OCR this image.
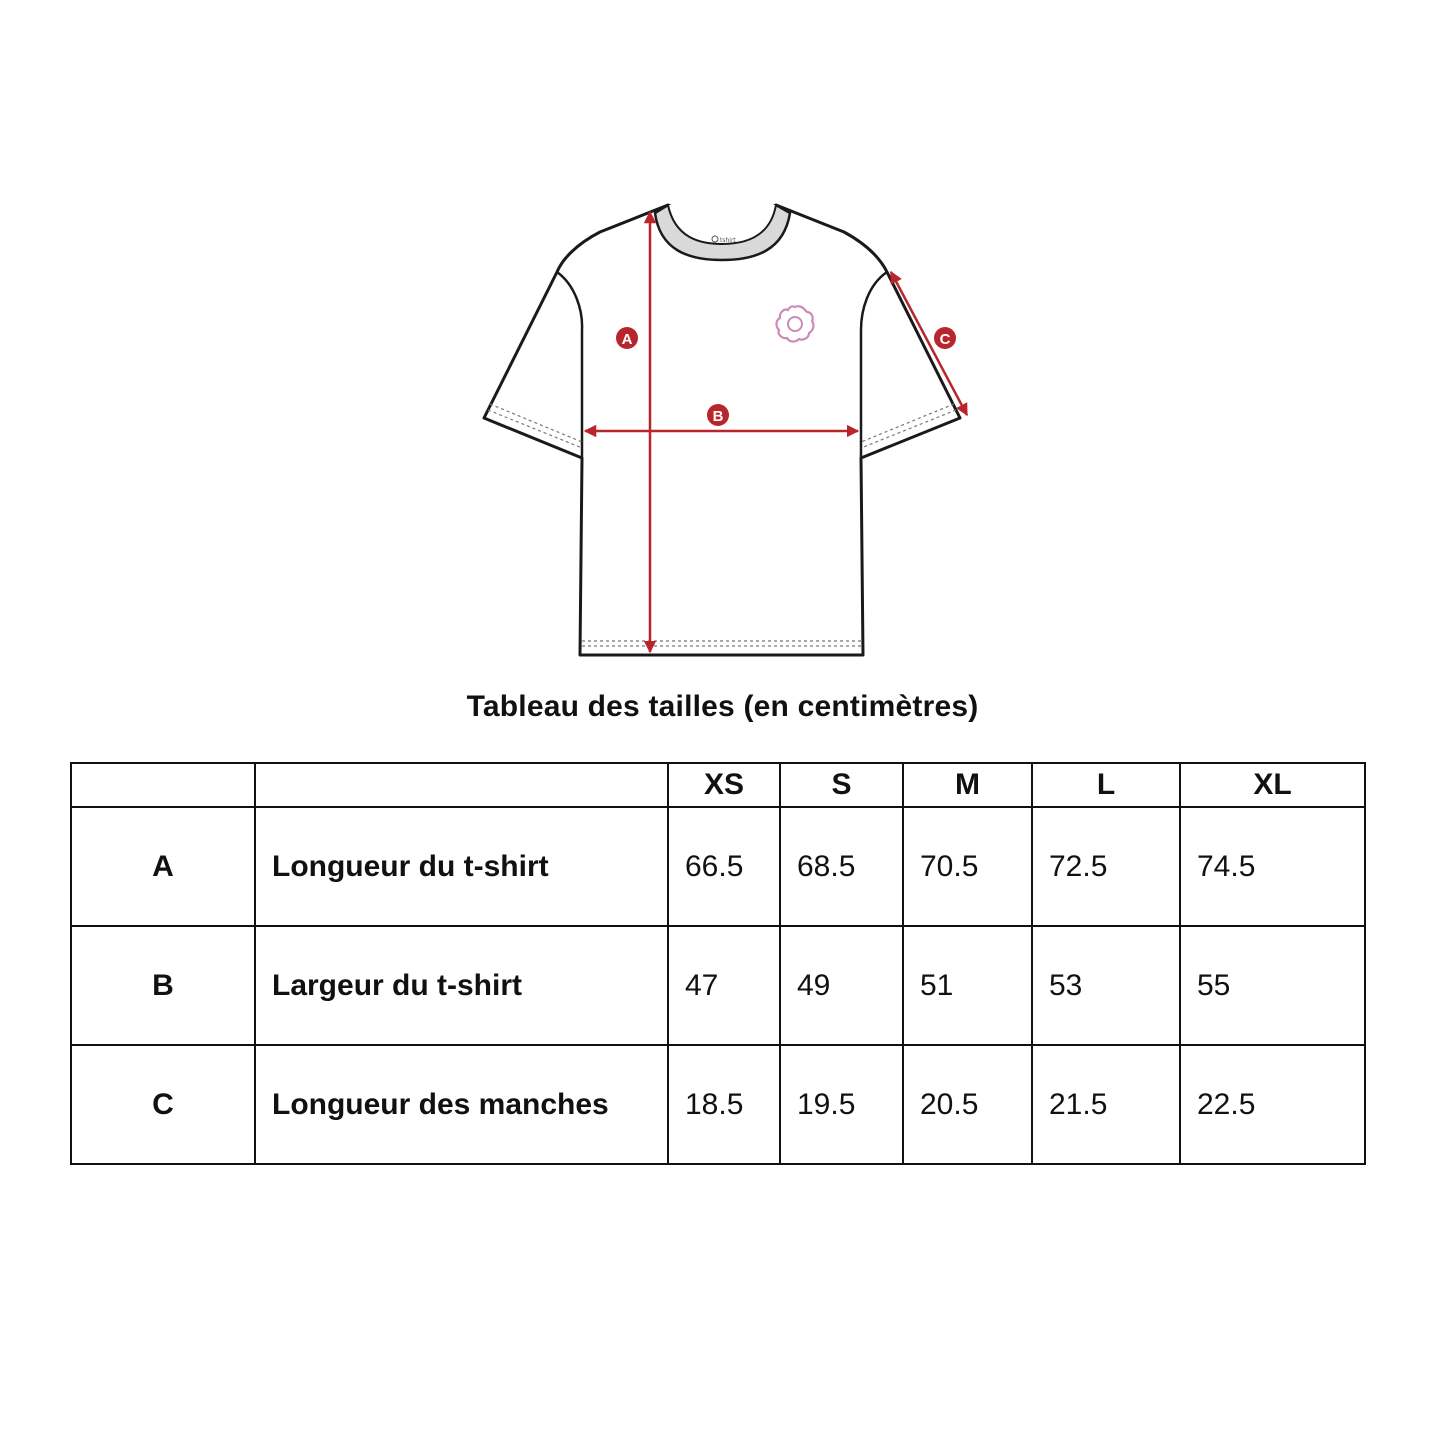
tshirt
A
B
C
Tableau des tailles (en centimètres)
		XS	S	M	L	XL
A	Longueur du t-shirt	66.5	68.5	70.5	72.5	74.5
B	Largeur du t-shirt	47	49	51	53	55
C	Longueur des manches	18.5	19.5	20.5	21.5	22.5
